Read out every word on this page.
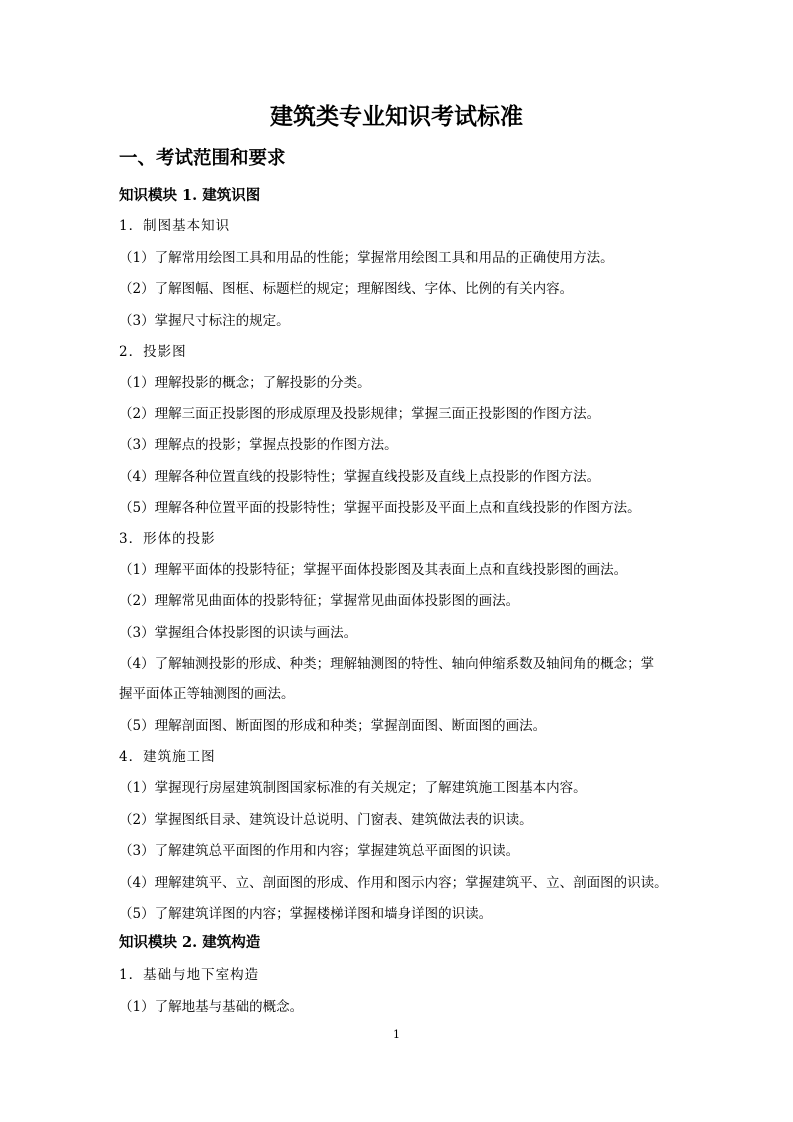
建筑类专业知识考试标准
一、考试范围和要求
知识模块 1. 建筑识图
1．制图基本知识
（1）了解常用绘图工具和用品的性能；掌握常用绘图工具和用品的正确使用方法。
（2）了解图幅、图框、标题栏的规定；理解图线、字体、比例的有关内容。
（3）掌握尺寸标注的规定。
2．投影图
（1）理解投影的概念；了解投影的分类。
（2）理解三面正投影图的形成原理及投影规律；掌握三面正投影图的作图方法。
（3）理解点的投影；掌握点投影的作图方法。
（4）理解各种位置直线的投影特性；掌握直线投影及直线上点投影的作图方法。
（5）理解各种位置平面的投影特性；掌握平面投影及平面上点和直线投影的作图方法。
3．形体的投影
（1）理解平面体的投影特征；掌握平面体投影图及其表面上点和直线投影图的画法。
（2）理解常见曲面体的投影特征；掌握常见曲面体投影图的画法。
（3）掌握组合体投影图的识读与画法。
（4）了解轴测投影的形成、种类；理解轴测图的特性、轴向伸缩系数及轴间角的概念；掌
握平面体正等轴测图的画法。
（5）理解剖面图、断面图的形成和种类；掌握剖面图、断面图的画法。
4．建筑施工图
（1）掌握现行房屋建筑制图国家标准的有关规定；了解建筑施工图基本内容。
（2）掌握图纸目录、建筑设计总说明、门窗表、建筑做法表的识读。
（3）了解建筑总平面图的作用和内容；掌握建筑总平面图的识读。
（4）理解建筑平、立、剖面图的形成、作用和图示内容；掌握建筑平、立、剖面图的识读。
（5）了解建筑详图的内容；掌握楼梯详图和墙身详图的识读。
知识模块 2. 建筑构造
1．基础与地下室构造
（1）了解地基与基础的概念。
1
